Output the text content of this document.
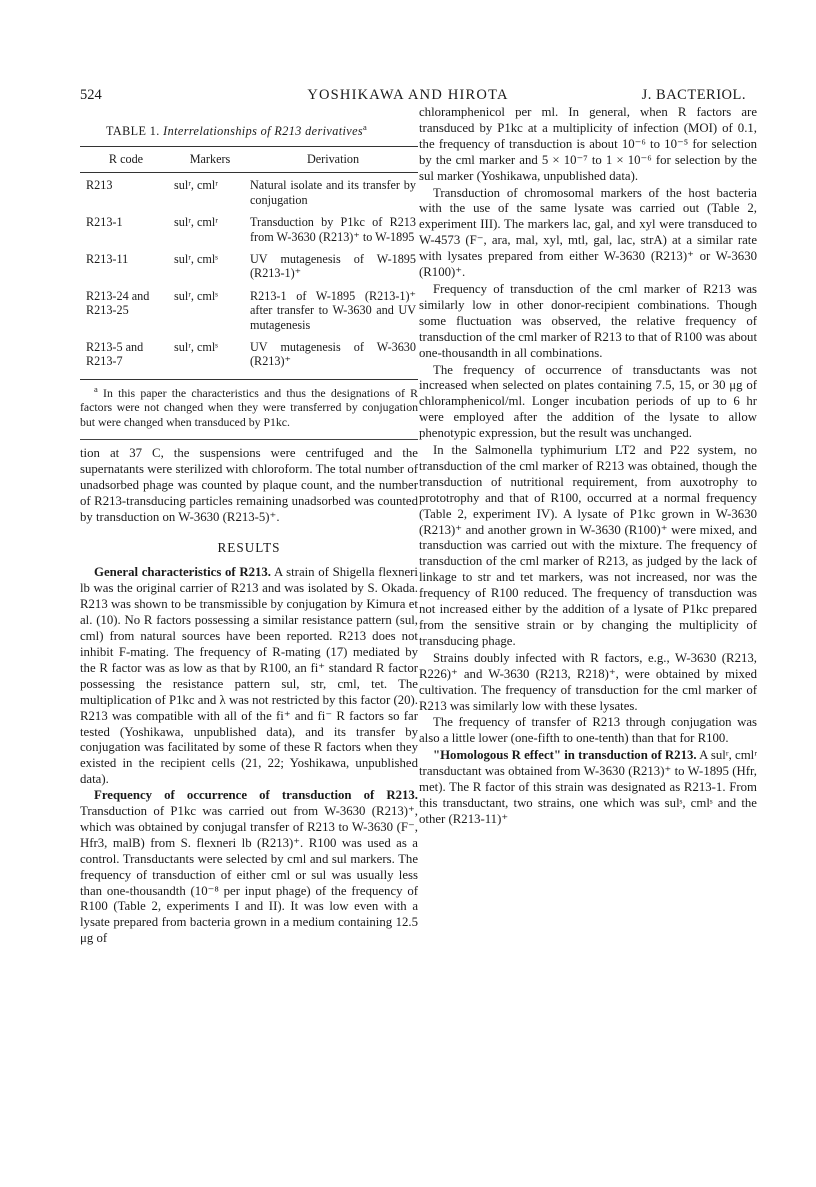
524	YOSHIKAWA AND HIROTA	J. BACTERIOL.
TABLE 1. Interrelationships of R213 derivatives$^a$
R code	Markers	Derivation
R213	sulʳ, cmlʳ	Natural isolate and its transfer by conjugation
R213-1	sulʳ, cmlʳ	Transduction by P1kc of R213 from W-3630 (R213)⁺ to W-1895
R213-11	sulʳ, cmlˢ	UV mutagenesis of W-1895 (R213-1)⁺
R213-24 and R213-25	sulʳ, cmlˢ	R213-1 of W-1895 (R213-1)⁺ after transfer to W-3630 and UV mutagenesis
R213-5 and R213-7	sulʳ, cmlˢ	UV mutagenesis of W-3630 (R213)⁺

$^a$ In this paper the characteristics and thus the designations of R factors were not changed when they were transferred by conjugation but were changed when transduced by P1kc.

tion at 37 C, the suspensions were centrifuged and the supernatants were sterilized with chloroform. The total number of unadsorbed phage was counted by plaque count, and the number of R213-transducing particles remaining unadsorbed was counted by transduction on W-3630 (R213-5)⁺.

RESULTS

General characteristics of R213. A strain of Shigella flexneri lb was the original carrier of R213 and was isolated by S. Okada. R213 was shown to be transmissible by conjugation by Kimura et al. (10). No R factors possessing a similar resistance pattern (sul, cml) from natural sources have been reported. R213 does not inhibit F-mating. The frequency of R-mating (17) mediated by the R factor was as low as that by R100, an fi⁺ standard R factor possessing the resistance pattern sul, str, cml, tet. The multiplication of P1kc and λ was not restricted by this factor (20). R213 was compatible with all of the fi⁺ and fi⁻ R factors so far tested (Yoshikawa, unpublished data), and its transfer by conjugation was facilitated by some of these R factors when they existed in the recipient cells (21, 22; Yoshikawa, unpublished data).

Frequency of occurrence of transduction of R213. Transduction of P1kc was carried out from W-3630 (R213)⁺, which was obtained by conjugal transfer of R213 to W-3630 (F⁻, Hfr3, malB) from S. flexneri lb (R213)⁺. R100 was used as a control. Transductants were selected by cml and sul markers. The frequency of transduction of either cml or sul was usually less than one-thousandth (10⁻⁸ per input phage) of the frequency of R100 (Table 2, experiments I and II). It was low even with a lysate prepared from bacteria grown in a medium containing 12.5 μg of

chloramphenicol per ml. In general, when R factors are transduced by P1kc at a multiplicity of infection (MOI) of 0.1, the frequency of transduction is about 10⁻⁶ to 10⁻⁵ for selection by the cml marker and 5 × 10⁻⁷ to 1 × 10⁻⁶ for selection by the sul marker (Yoshikawa, unpublished data).

Transduction of chromosomal markers of the host bacteria with the use of the same lysate was carried out (Table 2, experiment III). The markers lac, gal, and xyl were transduced to W-4573 (F⁻, ara, mal, xyl, mtl, gal, lac, strA) at a similar rate with lysates prepared from either W-3630 (R213)⁺ or W-3630 (R100)⁺.

Frequency of transduction of the cml marker of R213 was similarly low in other donor-recipient combinations. Though some fluctuation was observed, the relative frequency of transduction of the cml marker of R213 to that of R100 was about one-thousandth in all combinations.

The frequency of occurrence of transductants was not increased when selected on plates containing 7.5, 15, or 30 μg of chloramphenicol/ml. Longer incubation periods of up to 6 hr were employed after the addition of the lysate to allow phenotypic expression, but the result was unchanged.

In the Salmonella typhimurium LT2 and P22 system, no transduction of the cml marker of R213 was obtained, though the transduction of nutritional requirement, from auxotrophy to prototrophy and that of R100, occurred at a normal frequency (Table 2, experiment IV). A lysate of P1kc grown in W-3630 (R213)⁺ and another grown in W-3630 (R100)⁺ were mixed, and transduction was carried out with the mixture. The frequency of transduction of the cml marker of R213, as judged by the lack of linkage to str and tet markers, was not increased, nor was the frequency of R100 reduced. The frequency of transduction was not increased either by the addition of a lysate of P1kc prepared from the sensitive strain or by changing the multiplicity of transducing phage.

Strains doubly infected with R factors, e.g., W-3630 (R213, R226)⁺ and W-3630 (R213, R218)⁺, were obtained by mixed cultivation. The frequency of transduction for the cml marker of R213 was similarly low with these lysates.

The frequency of transfer of R213 through conjugation was also a little lower (one-fifth to one-tenth) than that for R100.

"Homologous R effect" in transduction of R213. A sulʳ, cmlʳ transductant was obtained from W-3630 (R213)⁺ to W-1895 (Hfr, met). The R factor of this strain was designated as R213-1. From this transductant, two strains, one which was sulˢ, cmlˢ and the other (R213-11)⁺
